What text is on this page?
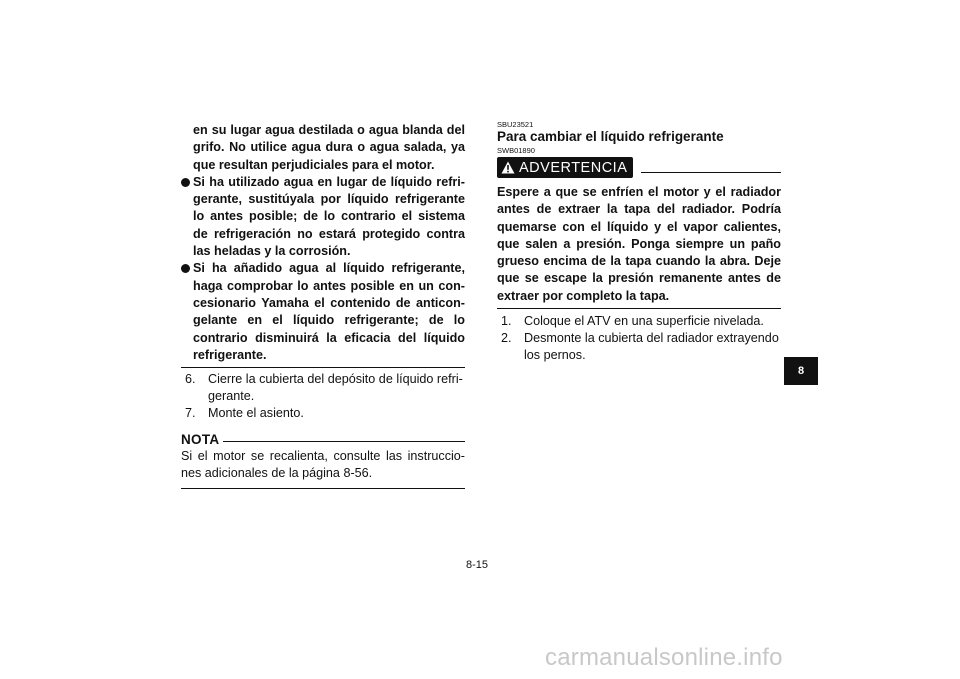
en su lugar agua destilada o agua blanda del grifo. No utilice agua dura o agua salada, ya que resultan perjudiciales para el motor.
Si ha utilizado agua en lugar de líquido refri-gerante, sustitúyala por líquido refrigerante lo antes posible; de lo contrario el sistema de refrigeración no estará protegido contra las heladas y la corrosión.
Si ha añadido agua al líquido refrigerante, haga comprobar lo antes posible en un con-cesionario Yamaha el contenido de anticon-gelante en el líquido refrigerante; de lo contrario disminuirá la eficacia del líquido refrigerante.
6. Cierre la cubierta del depósito de líquido refri-gerante.
7. Monte el asiento.
NOTA
Si el motor se recalienta, consulte las instruccio-nes adicionales de la página 8-56.
SBU23521
Para cambiar el líquido refrigerante
SWB01890
ADVERTENCIA
Espere a que se enfríen el motor y el radiador antes de extraer la tapa del radiador. Podría quemarse con el líquido y el vapor calientes, que salen a presión. Ponga siempre un paño grueso encima de la tapa cuando la abra. Deje que se escape la presión remanente antes de extraer por completo la tapa.
1. Coloque el ATV en una superficie nivelada.
2. Desmonte la cubierta del radiador extrayendo los pernos.
8
8-15
carmanualsonline.info
